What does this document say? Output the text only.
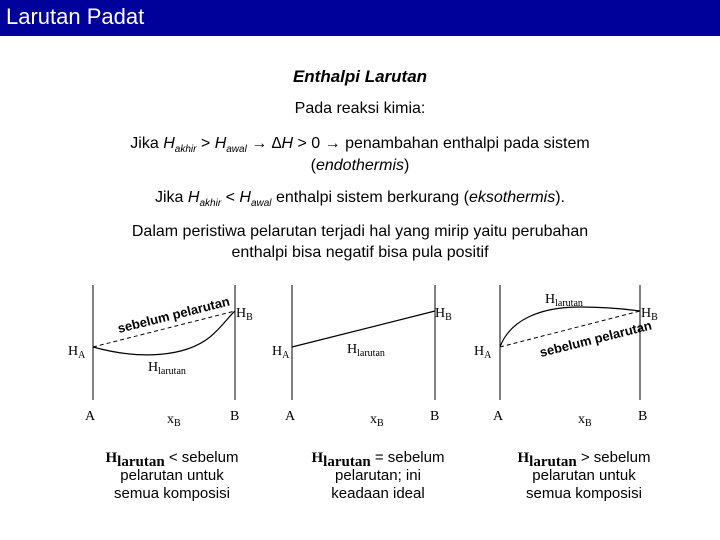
Larutan Padat
Enthalpi Larutan
Pada reaksi kimia:
Jika $H_{akhir} > H_{awal} \to \Delta H > 0$ → penambahan enthalpi pada sistem
(endothermis)
Jika $H_{akhir} < H_{awal}$ enthalpi sistem berkurang (eksothermis).
Dalam peristiwa pelarutan terjadi hal yang mirip yaitu perubahan
enthalpi bisa negatif bisa pula positif
$H_A$
$H_B$
$H_{larutan}$
sebelum pelarutan
A	$x_B$	B
$H_A$
$H_B$
$H_{larutan}$
A	$x_B$	B
$H_A$
$H_B$
$H_{larutan}$
sebelum pelarutan
A	$x_B$	B
$H_{larutan}$ < sebelum
pelarutan untuk
semua komposisi
$H_{larutan}$ = sebelum
pelarutan; ini
keadaan ideal
$H_{larutan}$ > sebelum
pelarutan untuk
semua komposisi
